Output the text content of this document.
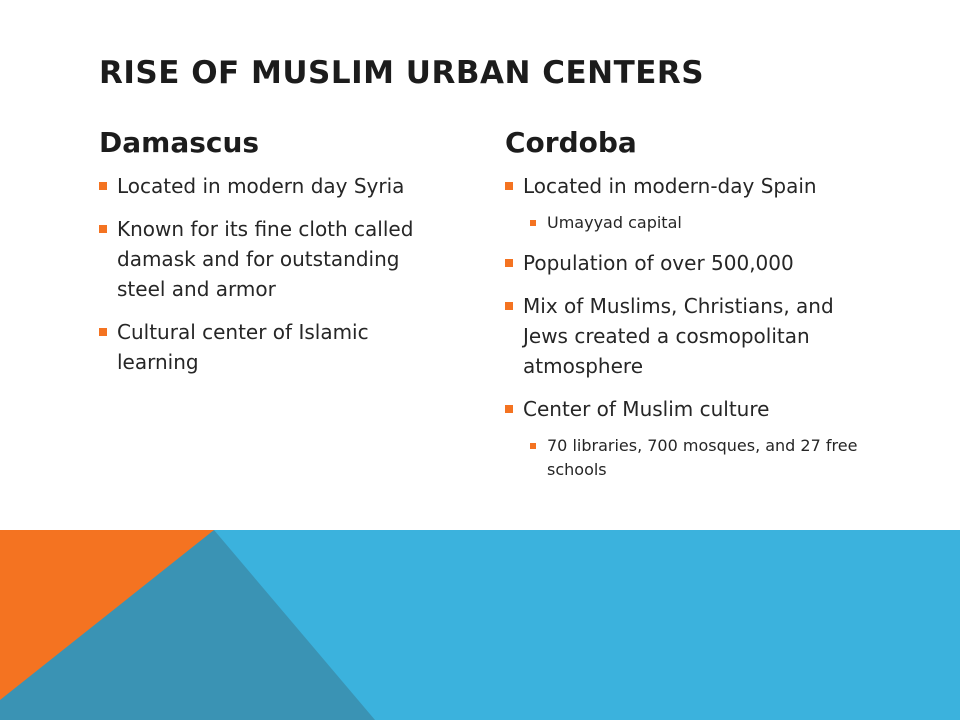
RISE OF MUSLIM URBAN CENTERS
Damascus
Located in modern day Syria
Known for its fine cloth called damask and for outstanding steel and armor
Cultural center of Islamic learning
Cordoba
Located in modern-day Spain
Umayyad capital
Population of over 500,000
Mix of Muslims, Christians, and Jews created a cosmopolitan atmosphere
Center of Muslim culture
70 libraries, 700 mosques, and 27 free schools
